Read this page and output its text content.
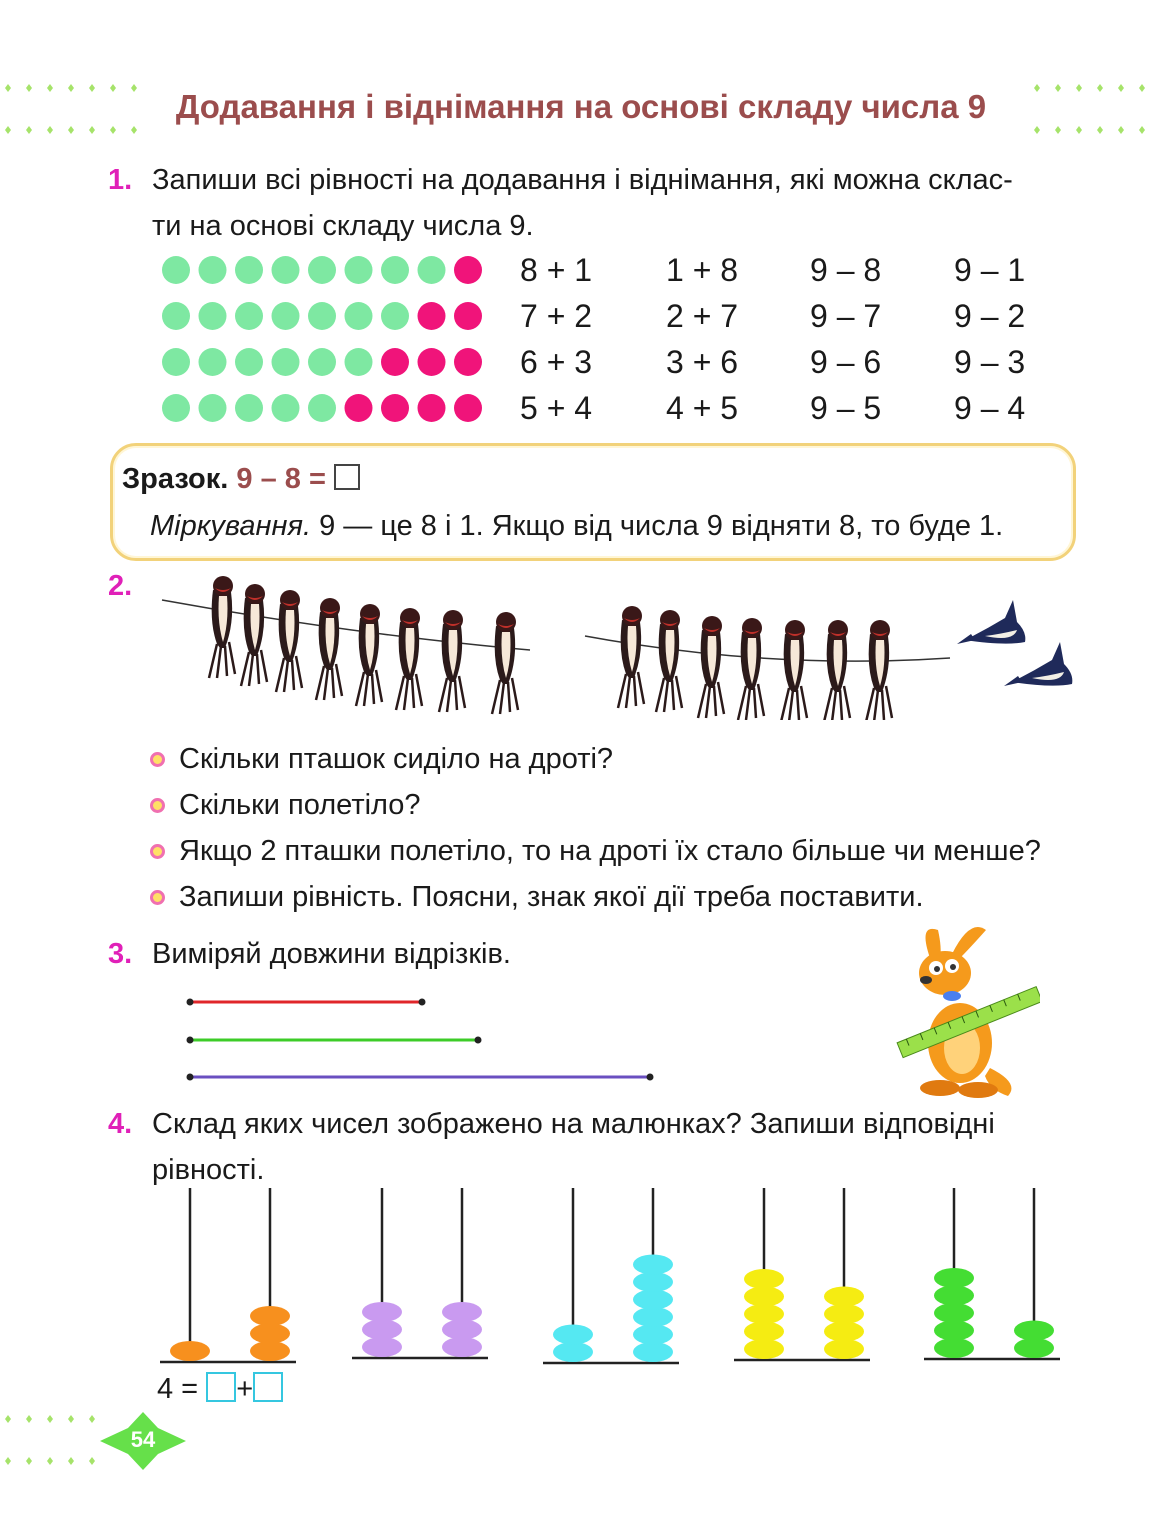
Додавання і віднімання на основі складу числа 9
1. Запиши всі рівності на додавання і віднімання, які можна склас-
ти на основі складу числа 9.
8 + 1 1 + 8 9 – 8 9 – 1
7 + 2 2 + 7 9 – 7 9 – 2
6 + 3 3 + 6 9 – 6 9 – 3
5 + 4 4 + 5 9 – 5 9 – 4
Зразок. 9 – 8 =
Міркування. 9 — це 8 і 1. Якщо від числа 9 відняти 8, то буде 1.
2.
Скільки пташок сиділо на дроті?
Скільки полетіло?
Якщо 2 пташки полетіло, то на дроті їх стало більше чи менше?
Запиши рівність. Поясни, знак якої дії треба поставити.
3. Виміряй довжини відрізків.
4. Склад яких чисел зображено на малюнках? Запиши відповідні
рівності.
4 = +
54
